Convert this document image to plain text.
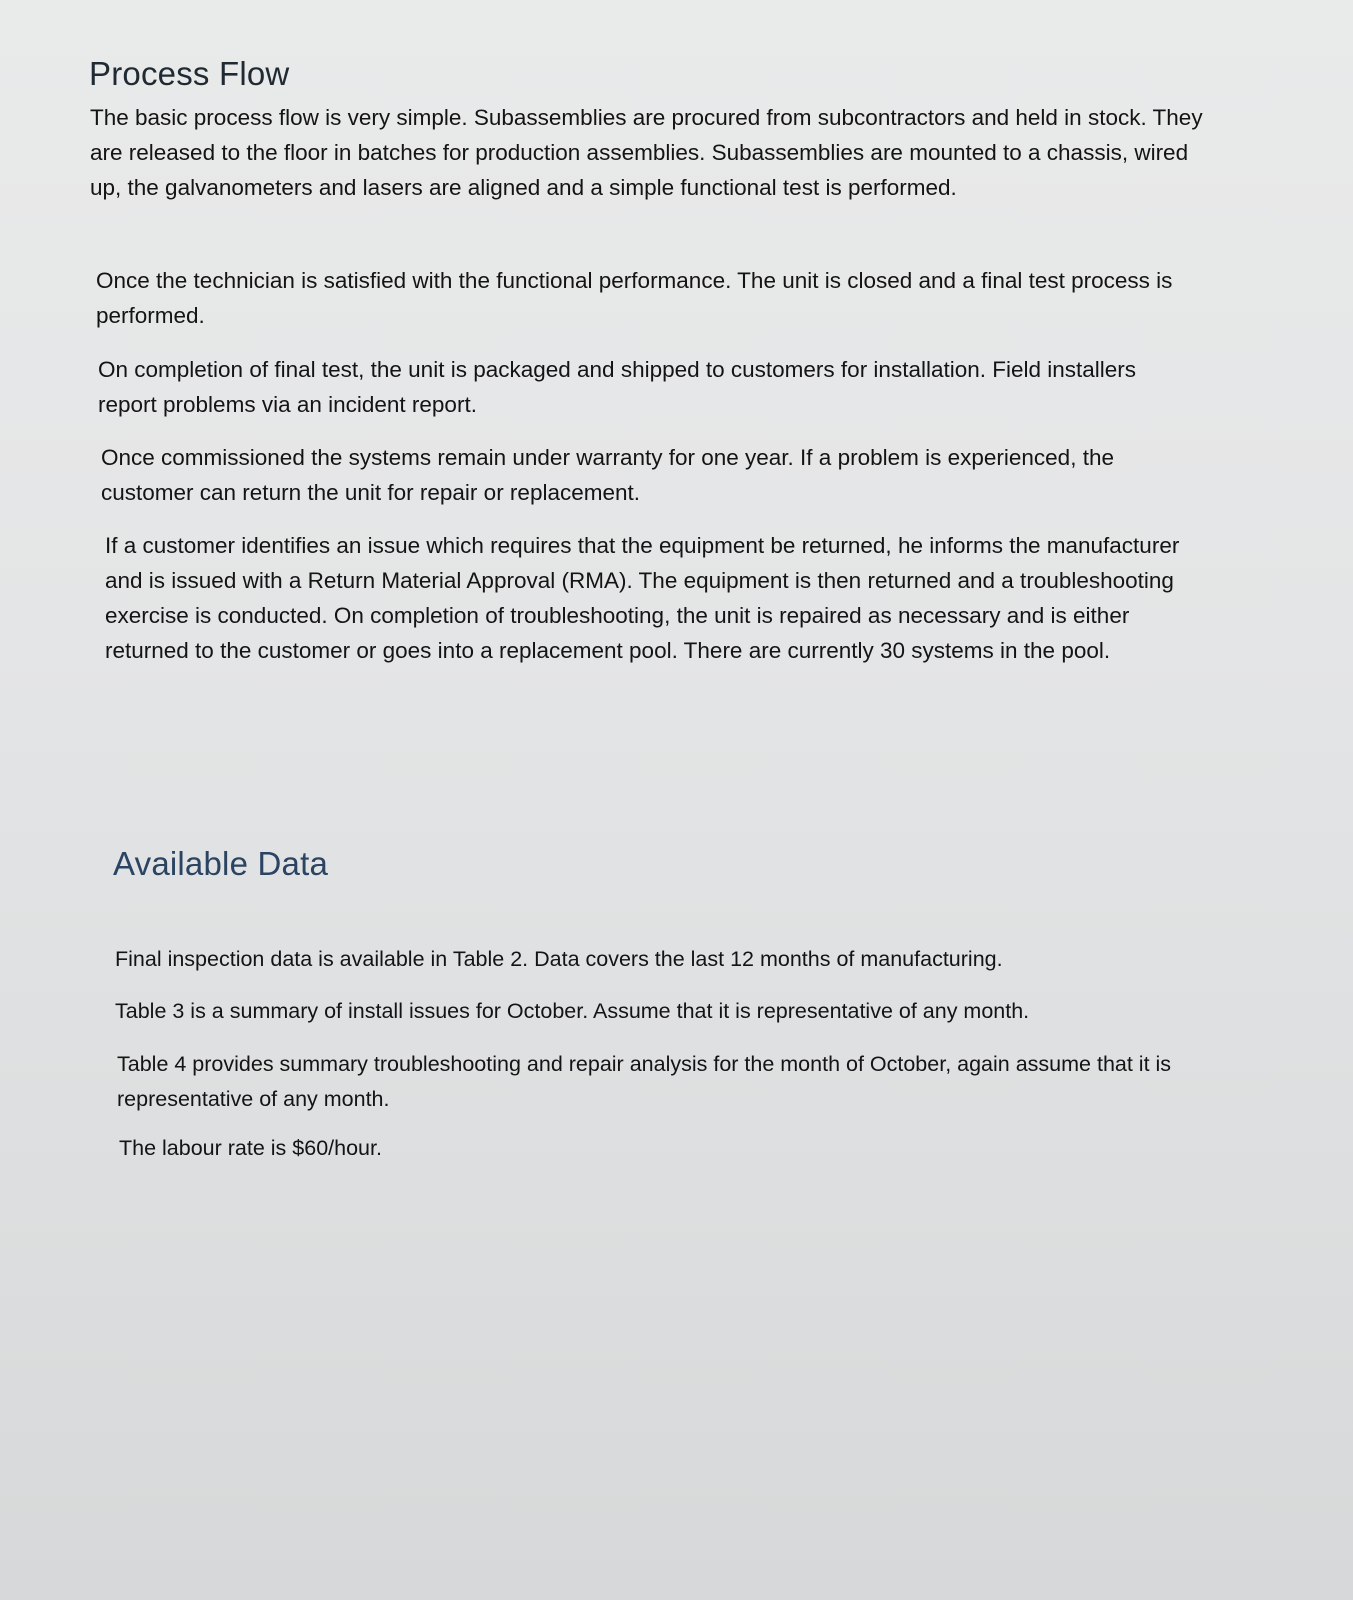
Process Flow

The basic process flow is very simple. Subassemblies are procured from subcontractors and held in stock. They are released to the floor in batches for production assemblies. Subassemblies are mounted to a chassis, wired up, the galvanometers and lasers are aligned and a simple functional test is performed.

Once the technician is satisfied with the functional performance. The unit is closed and a final test process is performed.

On completion of final test, the unit is packaged and shipped to customers for installation. Field installers report problems via an incident report.

Once commissioned the systems remain under warranty for one year. If a problem is experienced, the customer can return the unit for repair or replacement.

If a customer identifies an issue which requires that the equipment be returned, he informs the manufacturer and is issued with a Return Material Approval (RMA). The equipment is then returned and a troubleshooting exercise is conducted. On completion of troubleshooting, the unit is repaired as necessary and is either returned to the customer or goes into a replacement pool. There are currently 30 systems in the pool.

Available Data

Final inspection data is available in Table 2. Data covers the last 12 months of manufacturing.

Table 3 is a summary of install issues for October. Assume that it is representative of any month.

Table 4 provides summary troubleshooting and repair analysis for the month of October, again assume that it is representative of any month.

The labour rate is $60/hour.
